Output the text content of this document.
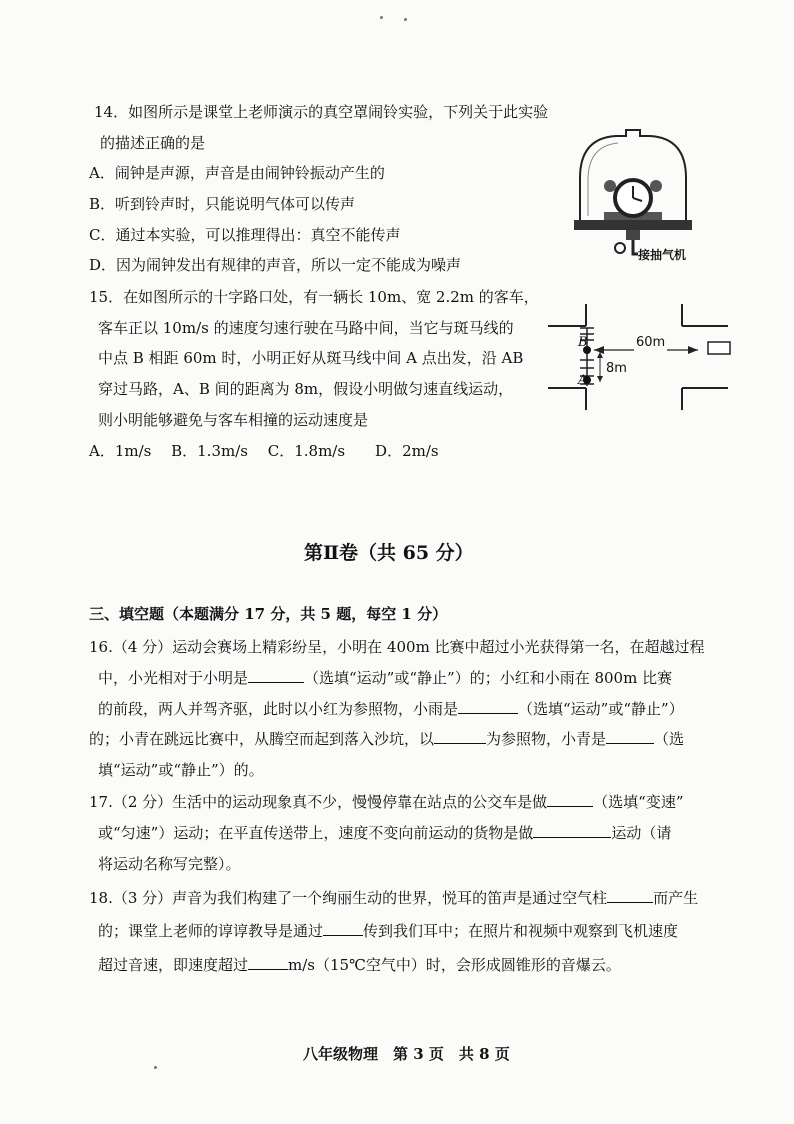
14．如图所示是课堂上老师演示的真空罩闹铃实验，下列关于此实验
的描述正确的是
A．闹钟是声源，声音是由闹钟铃振动产生的
B．听到铃声时，只能说明气体可以传声
C．通过本实验，可以推理得出：真空不能传声
D．因为闹钟发出有规律的声音，所以一定不能成为噪声
接抽气机
15．在如图所示的十字路口处，有一辆长 10m、宽 2.2m 的客车，
客车正以 10m/s 的速度匀速行驶在马路中间，当它与斑马线的
中点 B 相距 60m 时，小明正好从斑马线中间 A 点出发，沿 AB
穿过马路，A、B 间的距离为 8m，假设小明做匀速直线运动，
则小明能够避免与客车相撞的运动速度是
A．1m/s　 B．1.3m/s　 C．1.8m/s　　D．2m/s
B
A
60m
8m
第Ⅱ卷（共 65 分）
三、填空题（本题满分 17 分，共 5 题，每空 1 分）
16.（4 分）运动会赛场上精彩纷呈，小明在 400m 比赛中超过小光获得第一名，在超越过程
中，小光相对于小明是	（选填“运动”或“静止”）的；小红和小雨在 800m 比赛
的前段，两人并驾齐驱，此时以小红为参照物，小雨是	（选填“运动”或“静止”）
的；小青在跳远比赛中，从腾空而起到落入沙坑，以	为参照物，小青是	（选
填“运动”或“静止”）的。
17.（2 分）生活中的运动现象真不少，慢慢停靠在站点的公交车是做	（选填“变速”
或“匀速”）运动；在平直传送带上，速度不变向前运动的货物是做	运动（请
将运动名称写完整）。
18.（3 分）声音为我们构建了一个绚丽生动的世界，悦耳的笛声是通过空气柱	而产生
的；课堂上老师的谆谆教导是通过	传到我们耳中；在照片和视频中观察到飞机速度
超过音速，即速度超过	m/s（15℃空气中）时，会形成圆锥形的音爆云。
八年级物理　第 3 页　共 8 页
